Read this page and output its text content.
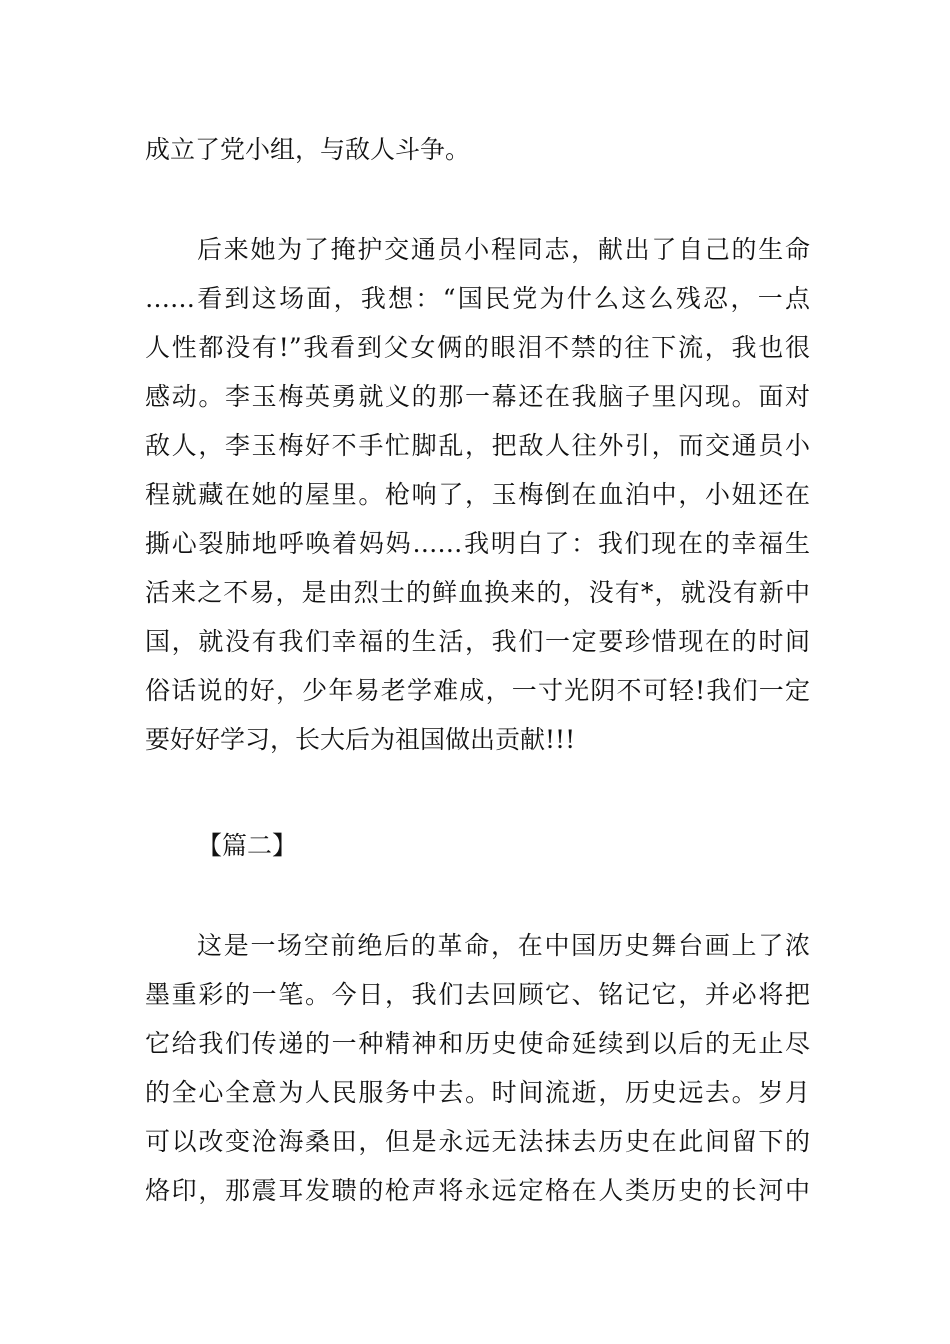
成立了党小组，与敌人斗争。
后来她为了掩护交通员小程同志，献出了自己的生命
……看到这场面，我想：“国民党为什么这么残忍，一点
人性都没有!”我看到父女俩的眼泪不禁的往下流，我也很
感动。李玉梅英勇就义的那一幕还在我脑子里闪现。面对
敌人，李玉梅好不手忙脚乱，把敌人往外引，而交通员小
程就藏在她的屋里。枪响了，玉梅倒在血泊中，小妞还在
撕心裂肺地呼唤着妈妈……我明白了：我们现在的幸福生
活来之不易，是由烈士的鲜血换来的，没有*，就没有新中
国，就没有我们幸福的生活，我们一定要珍惜现在的时间
俗话说的好，少年易老学难成，一寸光阴不可轻!我们一定
要好好学习，长大后为祖国做出贡献!!!
【篇二】
这是一场空前绝后的革命，在中国历史舞台画上了浓
墨重彩的一笔。今日，我们去回顾它、铭记它，并必将把
它给我们传递的一种精神和历史使命延续到以后的无止尽
的全心全意为人民服务中去。时间流逝，历史远去。岁月
可以改变沧海桑田，但是永远无法抹去历史在此间留下的
烙印，那震耳发聩的枪声将永远定格在人类历史的长河中
